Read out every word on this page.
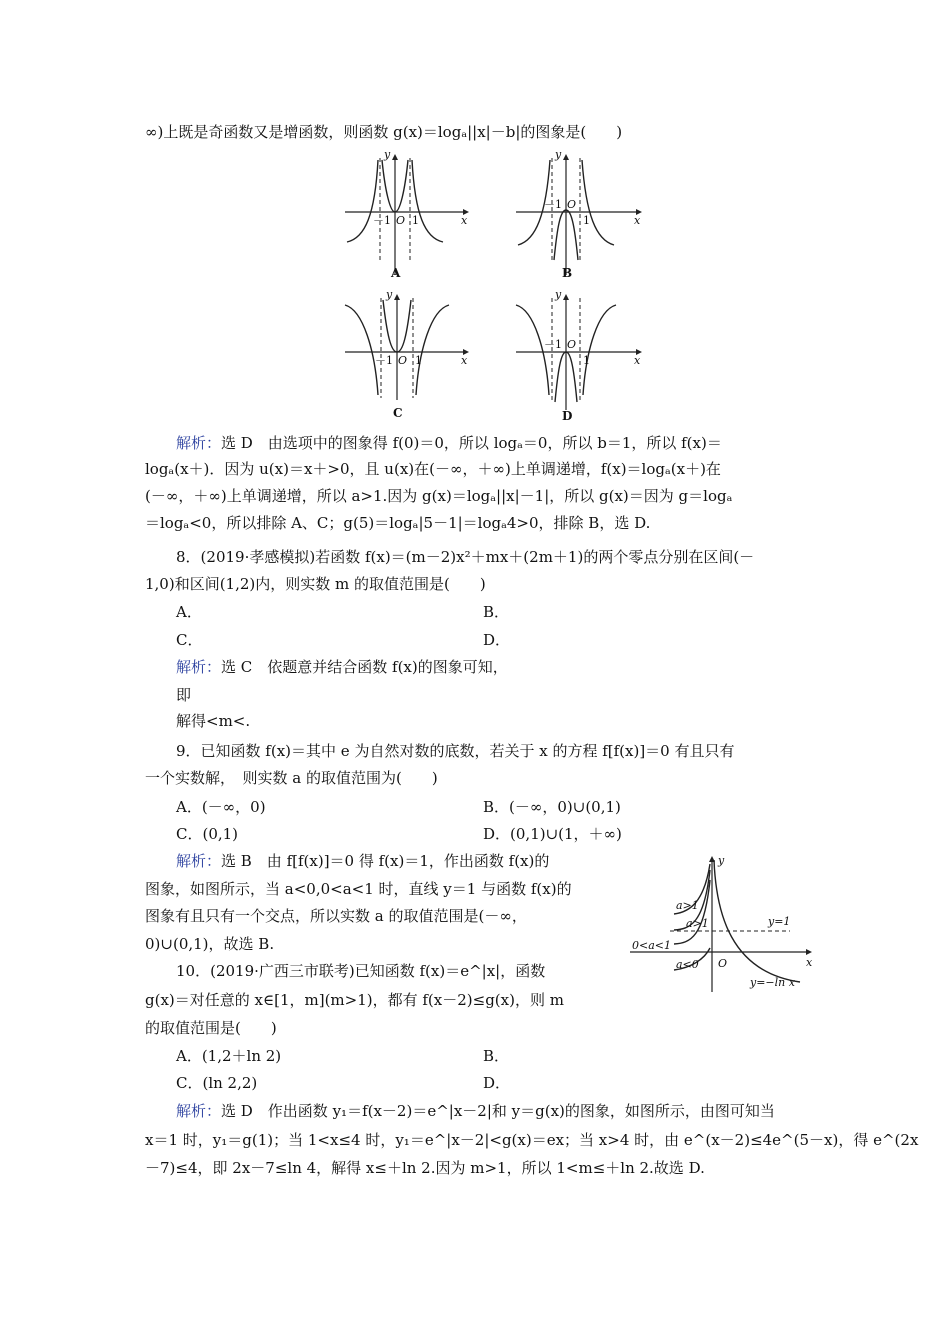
∞)上既是奇函数又是增函数，则函数 g(x)＝logₐ||x|－b|的图象是(　　)
y
x
－1 O 1
A
y
x
－1 O
1
B
y
x
－1 O 1
C
y
x
－1 O
1
D
解析：选 D　由选项中的图象得 f(0)＝0，所以 logₐ＝0，所以 b＝1，所以 f(x)＝
logₐ(x＋)．因为 u(x)＝x＋>0，且 u(x)在(－∞，＋∞)上单调递增，f(x)＝logₐ(x＋)在
(－∞，＋∞)上单调递增，所以 a>1.因为 g(x)＝logₐ||x|－1|，所以 g(x)＝因为 g＝logₐ
＝logₐ<0，所以排除 A、C；g(5)＝logₐ|5－1|＝logₐ4>0，排除 B，选 D.
8．(2019·孝感模拟)若函数 f(x)＝(m－2)x²＋mx＋(2m＋1)的两个零点分别在区间(－
1,0)和区间(1,2)内，则实数 m 的取值范围是(　　)
A．	B．
C．	D．
解析：选 C　依题意并结合函数 f(x)的图象可知，
即
解得<m<.
9．已知函数 f(x)＝其中 e 为自然对数的底数，若关于 x 的方程 f[f(x)]＝0 有且只有
一个实数解，　则实数 a 的取值范围为(　　)
A．(－∞，0)	B．(－∞，0)∪(0,1)
C．(0,1)	D．(0,1)∪(1，＋∞)
解析：选 B　由 f[f(x)]＝0 得 f(x)＝1，作出函数 f(x)的
图象，如图所示，当 a<0,0<a<1 时，直线 y＝1 与函数 f(x)的
图象有且只有一个交点，所以实数 a 的取值范围是(－∞，
0)∪(0,1)，故选 B.
y
x
O
a>1
a>1
0<a<1
a<0
y=1
y=−ln x
10．(2019·广西三市联考)已知函数 f(x)＝e^|x|，函数
g(x)＝对任意的 x∈[1，m](m>1)，都有 f(x－2)≤g(x)，则 m
的取值范围是(　　)
A．(1,2＋ln 2)	B．
C．(ln 2,2)	D．
解析：选 D　作出函数 y₁＝f(x－2)＝e^|x－2|和 y＝g(x)的图象，如图所示，由图可知当
x＝1 时，y₁＝g(1)；当 1<x≤4 时，y₁＝e^|x－2|<g(x)＝ex；当 x>4 时，由 e^(x－2)≤4e^(5－x)，得 e^(2x
－7)≤4，即 2x－7≤ln 4，解得 x≤＋ln 2.因为 m>1，所以 1<m≤＋ln 2.故选 D.
